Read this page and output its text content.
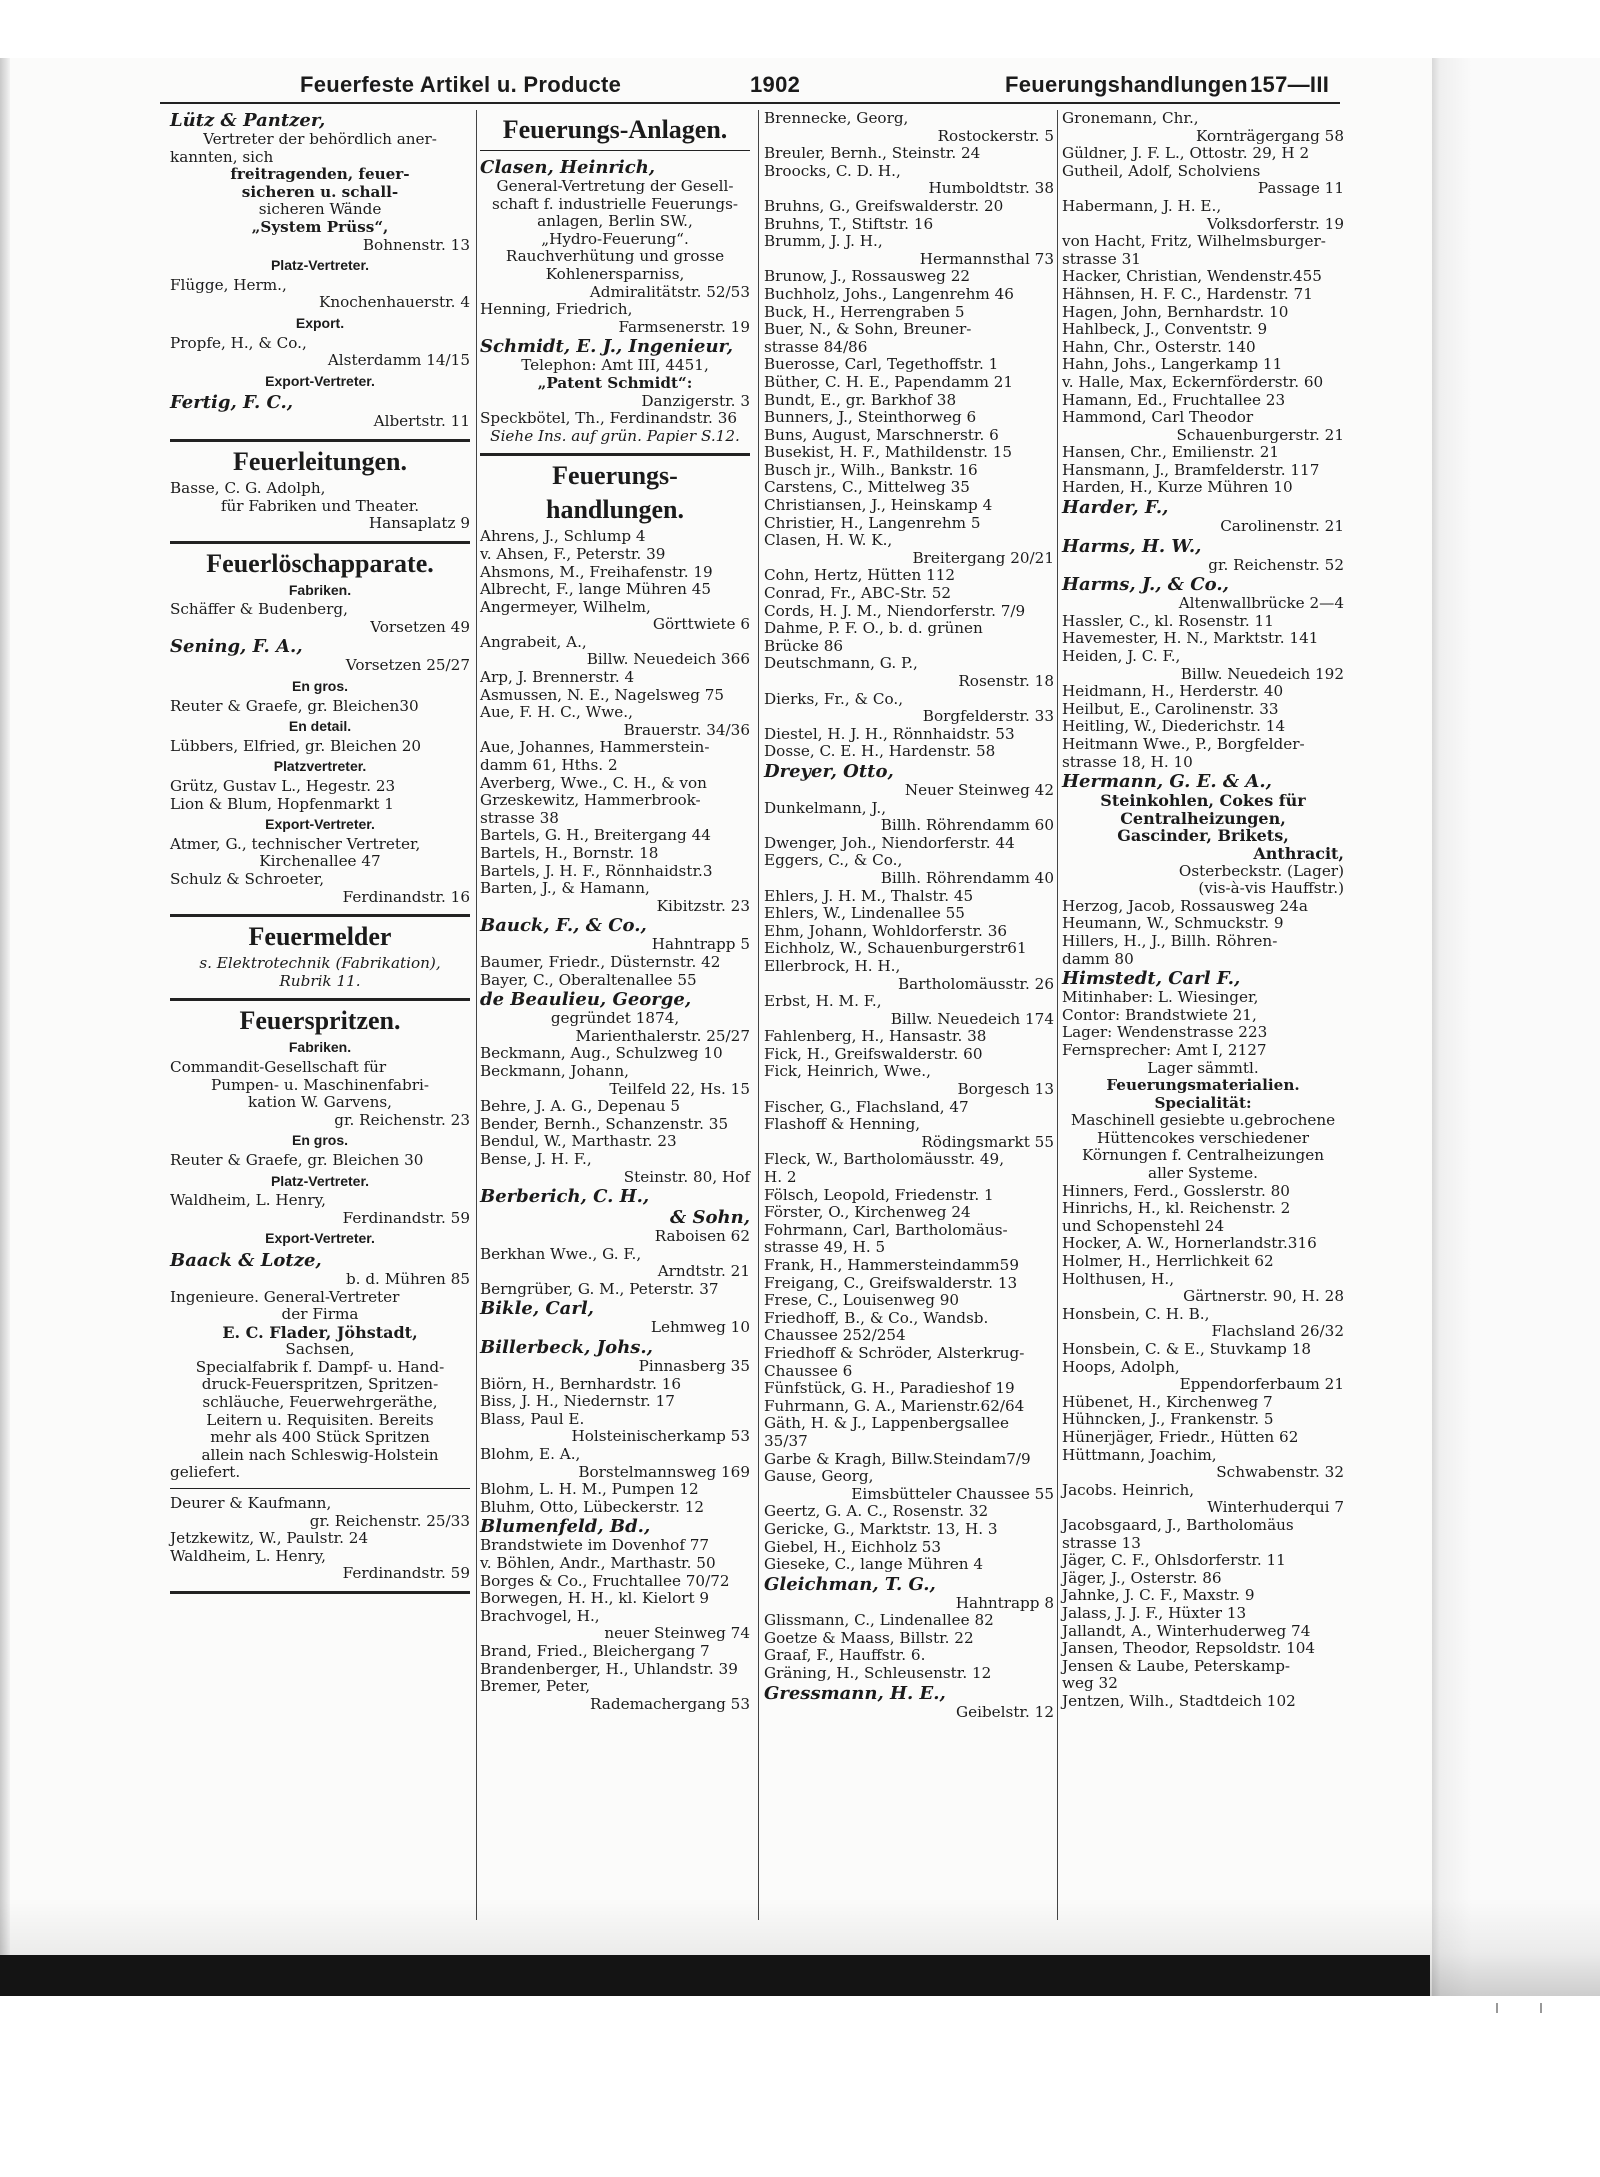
Feuerfeste Artikel u. Producte	1902	Feuerungshandlungen 157—III
Lütz & Pantzer,
Vertreter der behördlich aner-
kannten, sich
freitragenden, feuer-
sicheren u. schall-
sicheren Wände
„System Prüss“,
Bohnenstr. 13
Platz-Vertreter.
Flügge, Herm.,
Knochenhauerstr. 4
Export.
Propfe, H., & Co.,
Alsterdamm 14/15
Export-Vertreter.
Fertig, F. C.,
Albertstr. 11
Feuerleitungen.
Basse, C. G. Adolph,
für Fabriken und Theater.
Hansaplatz 9
Feuerlöschapparate.
Fabriken.
Schäffer & Budenberg,
Vorsetzen 49
Sening, F. A.,
Vorsetzen 25/27
En gros.
Reuter & Graefe, gr. Bleichen30
En detail.
Lübbers, Elfried, gr. Bleichen 20
Platzvertreter.
Grütz, Gustav L., Hegestr. 23
Lion & Blum, Hopfenmarkt 1
Export-Vertreter.
Atmer, G., technischer Vertreter,
Kirchenallee 47
Schulz & Schroeter,
Ferdinandstr. 16
Feuermelder
s. Elektrotechnik (Fabrikation),
Rubrik 11.
Feuerspritzen.
Fabriken.
Commandit-Gesellschaft für
Pumpen- u. Maschinenfabri-
kation W. Garvens,
gr. Reichenstr. 23
En gros.
Reuter & Graefe, gr. Bleichen 30
Platz-Vertreter.
Waldheim, L. Henry,
Ferdinandstr. 59
Export-Vertreter.
Baack & Lotze,
b. d. Mühren 85
Ingenieure. General-Vertreter
der Firma
E. C. Flader, Jöhstadt,
Sachsen,
Specialfabrik f. Dampf- u. Hand-
druck-Feuerspritzen, Spritzen-
schläuche, Feuerwehrgeräthe,
Leitern u. Requisiten. Bereits
mehr als 400 Stück Spritzen
allein nach Schleswig-Holstein
geliefert.
Deurer & Kaufmann,
gr. Reichenstr. 25/33
Jetzkewitz, W., Paulstr. 24
Waldheim, L. Henry,
Ferdinandstr. 59
Feuerungs-Anlagen.
Clasen, Heinrich,
General-Vertretung der Gesell-
schaft f. industrielle Feuerungs-
anlagen, Berlin SW.,
„Hydro-Feuerung“.
Rauchverhütung und grosse
Kohlenersparniss,
Admiralitätstr. 52/53
Henning, Friedrich,
Farmsenerstr. 19
Schmidt, E. J., Ingenieur,
Telephon: Amt III, 4451,
„Patent Schmidt“:
Danzigerstr. 3
Speckbötel, Th., Ferdinandstr. 36
Siehe Ins. auf grün. Papier S.12.
Feuerungs-
handlungen.
Ahrens, J., Schlump 4
v. Ahsen, F., Peterstr. 39
Ahsmons, M., Freihafenstr. 19
Albrecht, F., lange Mühren 45
Angermeyer, Wilhelm,
Görttwiete 6
Angrabeit, A.,
Billw. Neuedeich 366
Arp, J. Brennerstr. 4
Asmussen, N. E., Nagelsweg 75
Aue, F. H. C., Wwe.,
Brauerstr. 34/36
Aue, Johannes, Hammerstein-
damm 61, Hths. 2
Averberg, Wwe., C. H., & von
Grzeskewitz, Hammerbrook-
strasse 38
Bartels, G. H., Breitergang 44
Bartels, H., Bornstr. 18
Bartels, J. H. F., Rönnhaidstr.3
Barten, J., & Hamann,
Kibitzstr. 23
Bauck, F., & Co.,
Hahntrapp 5
Baumer, Friedr., Düsternstr. 42
Bayer, C., Oberaltenallee 55
de Beaulieu, George,
gegründet 1874,
Marienthalerstr. 25/27
Beckmann, Aug., Schulzweg 10
Beckmann, Johann,
Teilfeld 22, Hs. 15
Behre, J. A. G., Depenau 5
Bender, Bernh., Schanzenstr. 35
Bendul, W., Marthastr. 23
Bense, J. H. F.,
Steinstr. 80, Hof
Berberich, C. H.,
& Sohn,
Raboisen 62
Berkhan Wwe., G. F.,
Arndtstr. 21
Berngrüber, G. M., Peterstr. 37
Bikle, Carl,
Lehmweg 10
Billerbeck, Johs.,
Pinnasberg 35
Biörn, H., Bernhardstr. 16
Biss, J. H., Niedernstr. 17
Blass, Paul E.
Holsteinischerkamp 53
Blohm, E. A.,
Borstelmannsweg 169
Blohm, L. H. M., Pumpen 12
Bluhm, Otto, Lübeckerstr. 12
Blumenfeld, Bd.,
Brandstwiete im Dovenhof 77
v. Böhlen, Andr., Marthastr. 50
Borges & Co., Fruchtallee 70/72
Borwegen, H. H., kl. Kielort 9
Brachvogel, H.,
neuer Steinweg 74
Brand, Fried., Bleichergang 7
Brandenberger, H., Uhlandstr. 39
Bremer, Peter,
Rademachergang 53
Brennecke, Georg,
Rostockerstr. 5
Breuler, Bernh., Steinstr. 24
Broocks, C. D. H.,
Humboldtstr. 38
Bruhns, G., Greifswalderstr. 20
Bruhns, T., Stiftstr. 16
Brumm, J. J. H.,
Hermannsthal 73
Brunow, J., Rossausweg 22
Buchholz, Johs., Langenrehm 46
Buck, H., Herrengraben 5
Buer, N., & Sohn, Breuner-
strasse 84/86
Buerosse, Carl, Tegethoffstr. 1
Büther, C. H. E., Papendamm 21
Bundt, E., gr. Barkhof 38
Bunners, J., Steinthorweg 6
Buns, August, Marschnerstr. 6
Busekist, H. F., Mathildenstr. 15
Busch jr., Wilh., Bankstr. 16
Carstens, C., Mittelweg 35
Christiansen, J., Heinskamp 4
Christier, H., Langenrehm 5
Clasen, H. W. K.,
Breitergang 20/21
Cohn, Hertz, Hütten 112
Conrad, Fr., ABC-Str. 52
Cords, H. J. M., Niendorferstr. 7/9
Dahme, P. F. O., b. d. grünen
Brücke 86
Deutschmann, G. P.,
Rosenstr. 18
Dierks, Fr., & Co.,
Borgfelderstr. 33
Diestel, H. J. H., Rönnhaidstr. 53
Dosse, C. E. H., Hardenstr. 58
Dreyer, Otto,
Neuer Steinweg 42
Dunkelmann, J.,
Billh. Röhrendamm 60
Dwenger, Joh., Niendorferstr. 44
Eggers, C., & Co.,
Billh. Röhrendamm 40
Ehlers, J. H. M., Thalstr. 45
Ehlers, W., Lindenallee 55
Ehm, Johann, Wohldorferstr. 36
Eichholz, W., Schauenburgerstr61
Ellerbrock, H. H.,
Bartholomäusstr. 26
Erbst, H. M. F.,
Billw. Neuedeich 174
Fahlenberg, H., Hansastr. 38
Fick, H., Greifswalderstr. 60
Fick, Heinrich, Wwe.,
Borgesch 13
Fischer, G., Flachsland, 47
Flashoff & Henning,
Rödingsmarkt 55
Fleck, W., Bartholomäusstr. 49,
H. 2
Fölsch, Leopold, Friedenstr. 1
Förster, O., Kirchenweg 24
Fohrmann, Carl, Bartholomäus-
strasse 49, H. 5
Frank, H., Hammersteindamm59
Freigang, C., Greifswalderstr. 13
Frese, C., Louisenweg 90
Friedhoff, B., & Co., Wandsb.
Chaussee 252/254
Friedhoff & Schröder, Alsterkrug-
Chaussee 6
Fünfstück, G. H., Paradieshof 19
Fuhrmann, G. A., Marienstr.62/64
Gäth, H. & J., Lappenbergsallee
35/37
Garbe & Kragh, Billw.Steindam7/9
Gause, Georg,
Eimsbütteler Chaussee 55
Geertz, G. A. C., Rosenstr. 32
Gericke, G., Marktstr. 13, H. 3
Giebel, H., Eichholz 53
Gieseke, C., lange Mühren 4
Gleichman, T. G.,
Hahntrapp 8
Glissmann, C., Lindenallee 82
Goetze & Maass, Billstr. 22
Graaf, F., Hauffstr. 6.
Gräning, H., Schleusenstr. 12
Gressmann, H. E.,
Geibelstr. 12
Gronemann, Chr.,
Kornträgergang 58
Güldner, J. F. L., Ottostr. 29, H 2
Gutheil, Adolf, Scholviens
Passage 11
Habermann, J. H. E.,
Volksdorferstr. 19
von Hacht, Fritz, Wilhelmsburger-
strasse 31
Hacker, Christian, Wendenstr.455
Hähnsen, H. F. C., Hardenstr. 71
Hagen, John, Bernhardstr. 10
Hahlbeck, J., Conventstr. 9
Hahn, Chr., Osterstr. 140
Hahn, Johs., Langerkamp 11
v. Halle, Max, Eckernförderstr. 60
Hamann, Ed., Fruchtallee 23
Hammond, Carl Theodor
Schauenburgerstr. 21
Hansen, Chr., Emilienstr. 21
Hansmann, J., Bramfelderstr. 117
Harden, H., Kurze Mühren 10
Harder, F.,
Carolinenstr. 21
Harms, H. W.,
gr. Reichenstr. 52
Harms, J., & Co.,
Altenwallbrücke 2—4
Hassler, C., kl. Rosenstr. 11
Havemester, H. N., Marktstr. 141
Heiden, J. C. F.,
Billw. Neuedeich 192
Heidmann, H., Herderstr. 40
Heilbut, E., Carolinenstr. 33
Heitling, W., Diederichstr. 14
Heitmann Wwe., P., Borgfelder-
strasse 18, H. 10
Hermann, G. E. & A.,
Steinkohlen, Cokes für
Centralheizungen,
Gascinder, Brikets,
Anthracit,
Osterbeckstr. (Lager)
(vis-à-vis Hauffstr.)
Herzog, Jacob, Rossausweg 24a
Heumann, W., Schmuckstr. 9
Hillers, H., J., Billh. Röhren-
damm 80
Himstedt, Carl F.,
Mitinhaber: L. Wiesinger,
Contor: Brandstwiete 21,
Lager: Wendenstrasse 223
Fernsprecher: Amt I, 2127
Lager sämmtl.
Feuerungsmaterialien.
Specialität:
Maschinell gesiebte u.gebrochene
Hüttencokes verschiedener
Körnungen f. Centralheizungen
aller Systeme.
Hinners, Ferd., Gosslerstr. 80
Hinrichs, H., kl. Reichenstr. 2
und Schopenstehl 24
Hocker, A. W., Hornerlandstr.316
Holmer, H., Herrlichkeit 62
Holthusen, H.,
Gärtnerstr. 90, H. 28
Honsbein, C. H. B.,
Flachsland 26/32
Honsbein, C. & E., Stuvkamp 18
Hoops, Adolph,
Eppendorferbaum 21
Hübenet, H., Kirchenweg 7
Hühncken, J., Frankenstr. 5
Hünerjäger, Friedr., Hütten 62
Hüttmann, Joachim,
Schwabenstr. 32
Jacobs. Heinrich,
Winterhuderqui 7
Jacobsgaard, J., Bartholomäus
strasse 13
Jäger, C. F., Ohlsdorferstr. 11
Jäger, J., Osterstr. 86
Jahnke, J. C. F., Maxstr. 9
Jalass, J. J. F., Hüxter 13
Jallandt, A., Winterhuderweg 74
Jansen, Theodor, Repsoldstr. 104
Jensen & Laube, Peterskamp-
weg 32
Jentzen, Wilh., Stadtdeich 102
